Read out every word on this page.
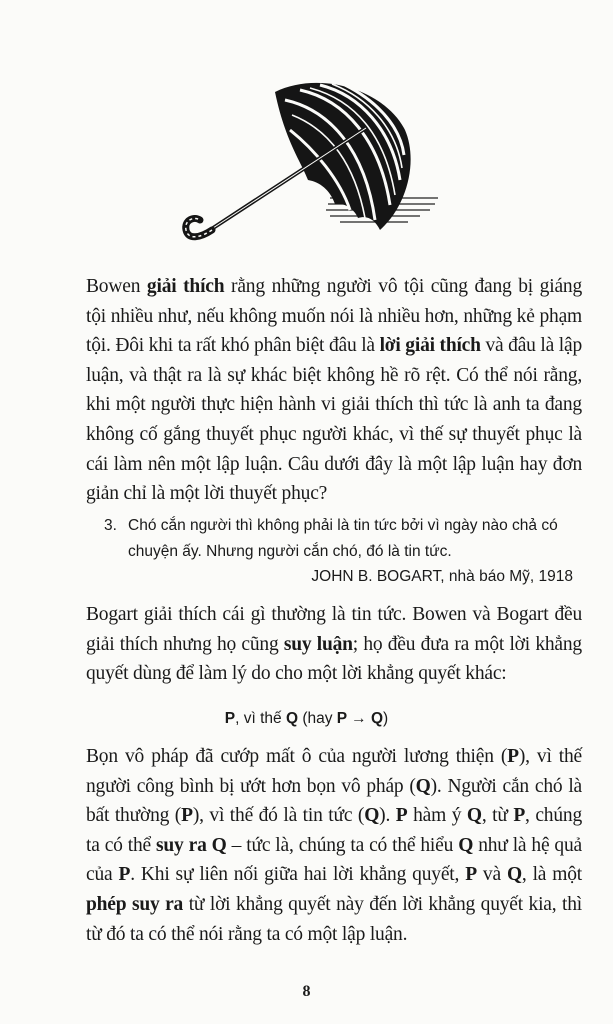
Bowen giải thích rằng những người vô tội cũng đang bị giáng tội nhiều như, nếu không muốn nói là nhiều hơn, những kẻ phạm tội. Đôi khi ta rất khó phân biệt đâu là lời giải thích và đâu là lập luận, và thật ra là sự khác biệt không hề rõ rệt. Có thể nói rằng, khi một người thực hiện hành vi giải thích thì tức là anh ta đang không cố gắng thuyết phục người khác, vì thế sự thuyết phục là cái làm nên một lập luận. Câu dưới đây là một lập luận hay đơn giản chỉ là một lời thuyết phục?
3. Chó cắn người thì không phải là tin tức bởi vì ngày nào chả có chuyện ấy. Nhưng người cắn chó, đó là tin tức.
JOHN B. BOGART, nhà báo Mỹ, 1918
Bogart giải thích cái gì thường là tin tức. Bowen và Bogart đều giải thích nhưng họ cũng suy luận; họ đều đưa ra một lời khẳng quyết dùng để làm lý do cho một lời khẳng quyết khác:
P, vì thế Q (hay P → Q)
Bọn vô pháp đã cướp mất ô của người lương thiện (P), vì thế người công bình bị ướt hơn bọn vô pháp (Q). Người cắn chó là bất thường (P), vì thế đó là tin tức (Q). P hàm ý Q, từ P, chúng ta có thể suy ra Q – tức là, chúng ta có thể hiểu Q như là hệ quả của P. Khi sự liên nối giữa hai lời khẳng quyết, P và Q, là một phép suy ra từ lời khẳng quyết này đến lời khẳng quyết kia, thì từ đó ta có thể nói rằng ta có một lập luận.
8
